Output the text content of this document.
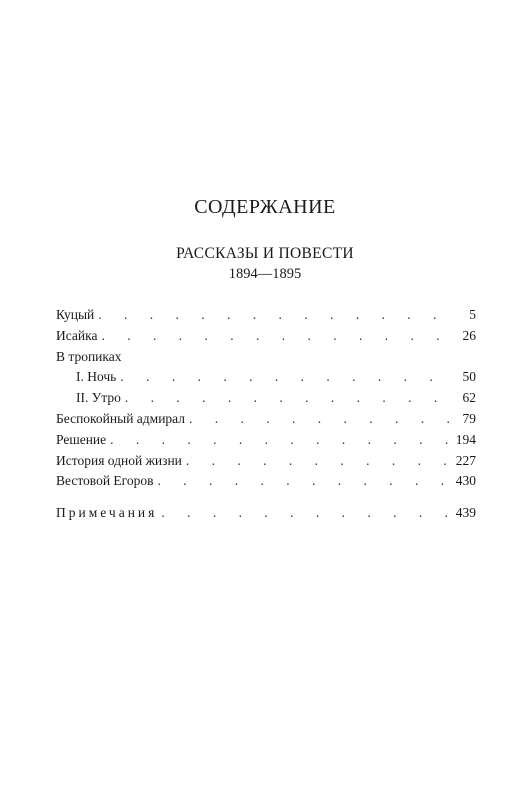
СОДЕРЖАНИЕ
РАССКАЗЫ И ПОВЕСТИ
1894—1895
Куцый . . .	5
Исайка . . .	26
В тропиках
I. Ночь . . .	50
II. Утро . . .	62
Беспокойный адмирал . . .	79
Решение . . .	194
История одной жизни . . .	227
Вестовой Егоров . . .	430
Примечания . . .	439
